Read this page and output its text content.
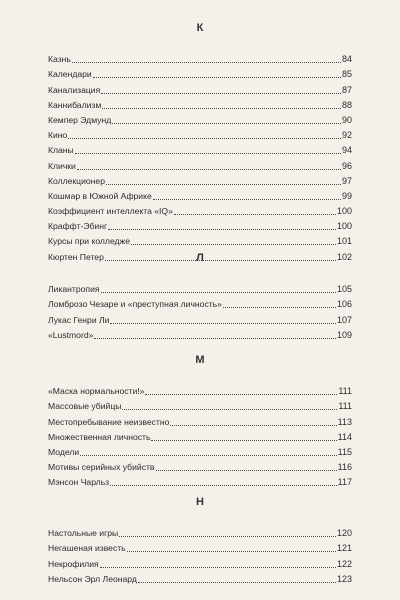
К
Казнь	84
Календари	85
Канализация	87
Каннибализм	88
Кемпер Эдмунд	90
Кино	92
Кланы	94
Клички	96
Коллекционер	97
Кошмар в Южной Африке	99
Коэффициент интеллекта «IQ»	100
Краффт-Эбинг	100
Курсы при колледже	101
Кюртен Петер	102
Л
Ликантропия	105
Ломброзо Чезаре и «преступная личность»	106
Лукас Генри Ли	107
«Lustmord»	109
М
«Маска нормальности!»	111
Массовые убийцы	111
Местопребывание неизвестно	113
Множественная личность	114
Модели	115
Мотивы серийных убийств	116
Мэнсон Чарльз	117
Н
Настольные игры	120
Негашеная известь	121
Некрофилия	122
Нельсон Эрл Леонард	123
